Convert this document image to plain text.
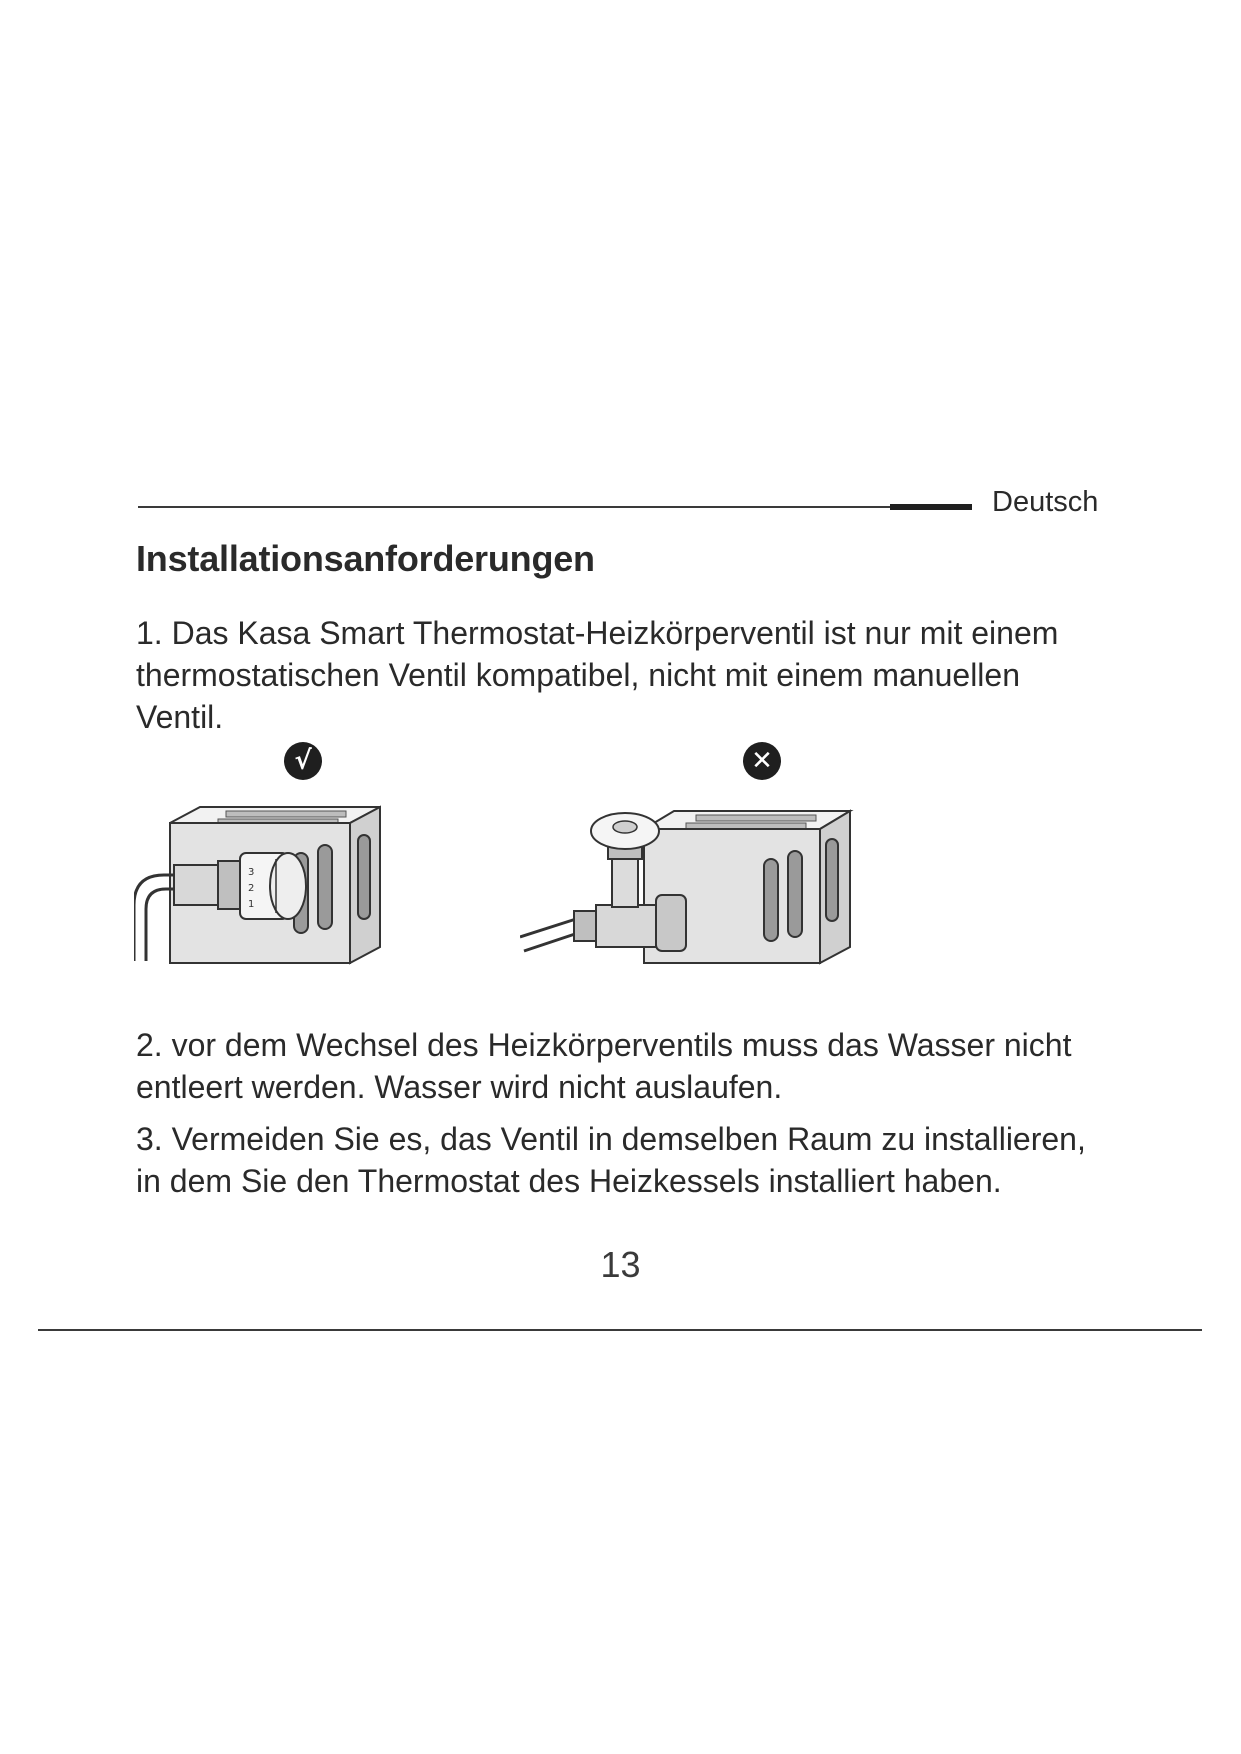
Deutsch
Installationsanforderungen

1. Das Kasa Smart Thermostat-Heizkörperventil ist nur mit einem thermostatischen Ventil kompatibel, nicht mit einem manuellen Ventil.

√
3
2
1
✕

2. vor dem Wechsel des Heizkörperventils muss das Wasser nicht entleert werden. Wasser wird nicht auslaufen.

3. Vermeiden Sie es, das Ventil in demselben Raum zu installieren, in dem Sie den Thermostat des Heizkessels installiert haben.

13
